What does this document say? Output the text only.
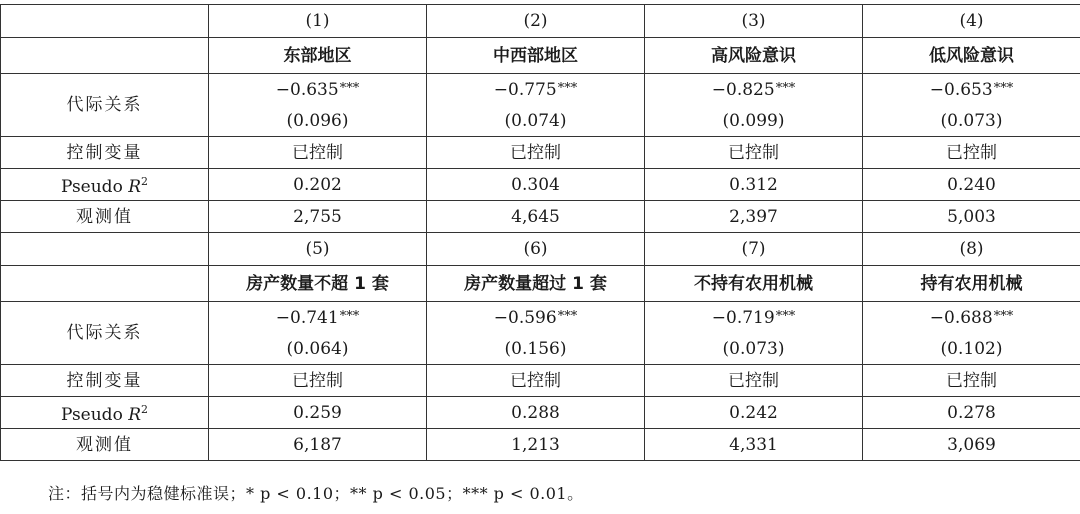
	(1)	(2)	(3)	(4)
	东部地区	中西部地区	高风险意识	低风险意识
代际关系	−0.635***	−0.775***	−0.825***	−0.653***
	(0.096)	(0.074)	(0.099)	(0.073)
控制变量	已控制	已控制	已控制	已控制
Pseudo $R^2$	0.202	0.304	0.312	0.240
观测值	2,755	4,645	2,397	5,003
	(5)	(6)	(7)	(8)
	房产数量不超 1 套	房产数量超过 1 套	不持有农用机械	持有农用机械
代际关系	−0.741***	−0.596***	−0.719***	−0.688***
	(0.064)	(0.156)	(0.073)	(0.102)
控制变量	已控制	已控制	已控制	已控制
Pseudo $R^2$	0.259	0.288	0.242	0.278
观测值	6,187	1,213	4,331	3,069
注：括号内为稳健标准误；* p < 0.10；** p < 0.05；*** p < 0.01。
